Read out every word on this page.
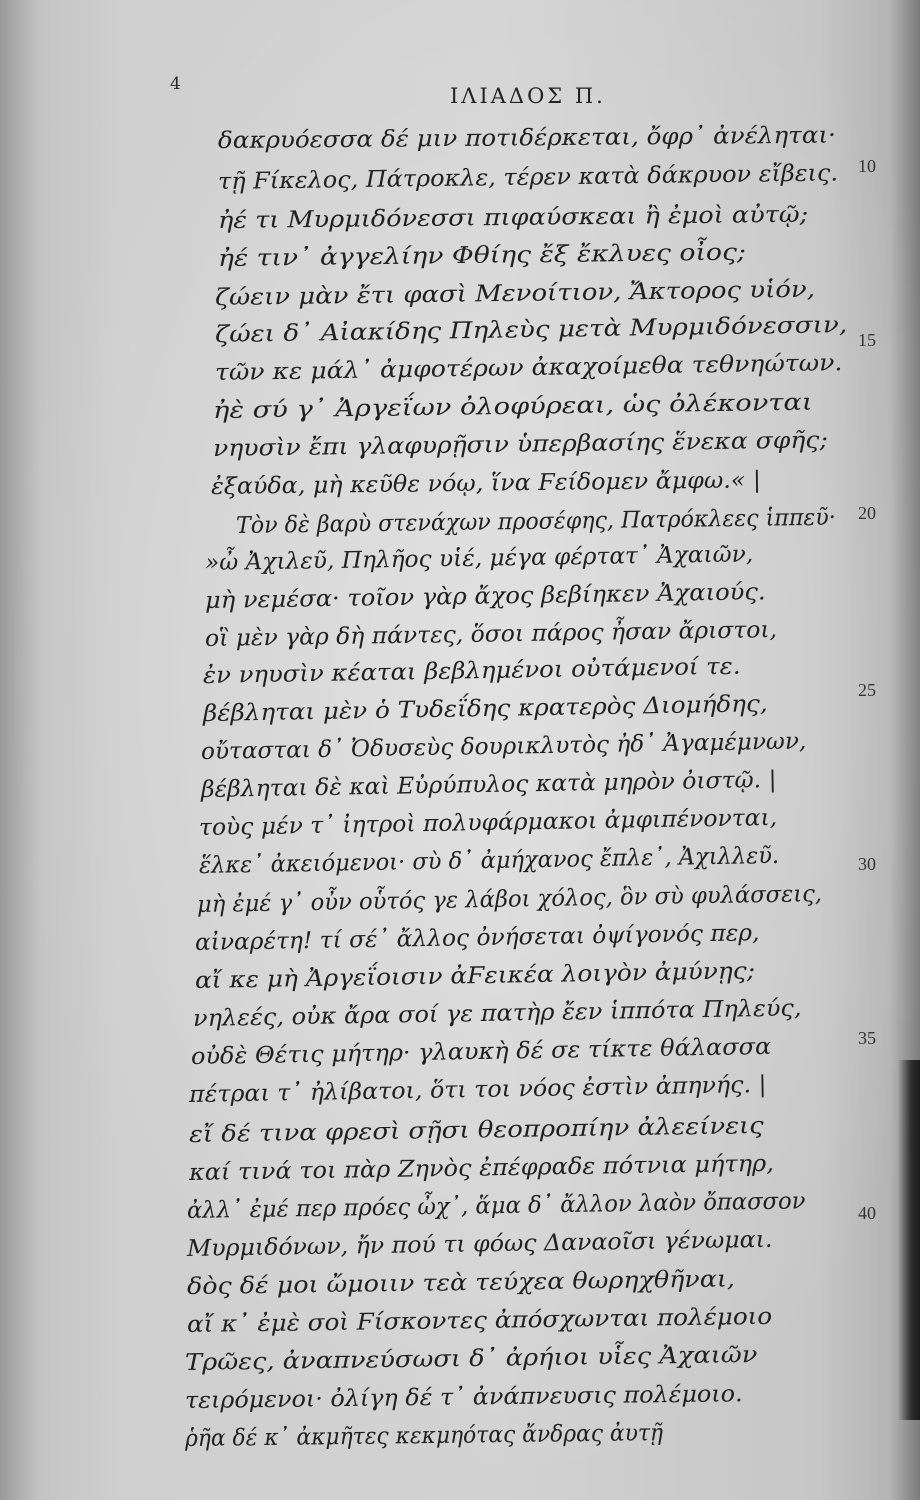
4	ΙΛΙΑΔΟΣ Π.
δακρυόεσσα δέ μιν ποτιδέρκεται, ὄφρ᾽ ἀνέληται·
τῇ Ϝίκελος, Πάτροκλε, τέρεν κατὰ δάκρυον εἴβεις.
ἠέ τι Μυρμιδόνεσσι πιφαύσκεαι ἢ ἐμοὶ αὐτῷ;
ἠέ τιν᾽ ἀγγελίην Φθίης ἔξ ἔκλυες οἶος;
ζώειν μὰν ἔτι φασὶ Μενοίτιον, Ἄκτορος υἱόν,
ζώει δ᾽ Αἰακίδης Πηλεὺς μετὰ Μυρμιδόνεσσιν,
τῶν κε μάλ᾽ ἀμφοτέρων ἀκαχοίμεθα τεθνηώτων.
ἠὲ σύ γ᾽ Ἀργεΐων ὀλοφύρεαι, ὡς ὀλέκονται
νηυσὶν ἔπι γλαφυρῇσιν ὑπερβασίης ἕνεκα σφῆς;
ἐξαύδα, μὴ κεῦθε νόῳ, ἵνα Ϝείδομεν ἄμφω.« |
Τὸν δὲ βαρὺ στενάχων προσέφης, Πατρόκλεες ἱππεῦ·
»ὦ Ἀχιλεῦ, Πηλῆος υἱέ, μέγα φέρτατ᾽ Ἀχαιῶν,
μὴ νεμέσα· τοῖον γὰρ ἄχος βεβίηκεν Ἀχαιούς.
οἳ μὲν γὰρ δὴ πάντες, ὅσοι πάρος ἦσαν ἄριστοι,
ἐν νηυσὶν κέαται βεβλημένοι οὐτάμενοί τε.
βέβληται μὲν ὁ Τυδεΐδης κρατερὸς Διομήδης,
οὔτασται δ᾽ Ὀδυσεὺς δουρικλυτὸς ἠδ᾽ Ἀγαμέμνων,
βέβληται δὲ καὶ Εὐρύπυλος κατὰ μηρὸν ὀιστῷ. |
τοὺς μέν τ᾽ ἰητροὶ πολυφάρμακοι ἀμφιπένονται,
ἕλκε᾽ ἀκειόμενοι· σὺ δ᾽ ἀμήχανος ἔπλε᾽, Ἀχιλλεῦ.
μὴ ἐμέ γ᾽ οὖν οὗτός γε λάβοι χόλος, ὃν σὺ φυλάσσεις,
αἰναρέτη! τί σέ᾽ ἄλλος ὀνήσεται ὀψίγονός περ,
αἴ κε μὴ Ἀργεΐοισιν ἀϜεικέα λοιγὸν ἀμύνῃς;
νηλεές, οὐκ ἄρα σοί γε πατὴρ ἔεν ἱππότα Πηλεύς,
οὐδὲ Θέτις μήτηρ· γλαυκὴ δέ σε τίκτε θάλασσα
πέτραι τ᾽ ἠλίβατοι, ὅτι τοι νόος ἐστὶν ἀπηνής. |
εἴ δέ τινα φρεσὶ σῇσι θεοπροπίην ἀλεείνεις
καί τινά τοι πὰρ Ζηνὸς ἐπέφραδε πότνια μήτηρ,
ἀλλ᾽ ἐμέ περ πρόες ὦχ᾽, ἅμα δ᾽ ἄλλον λαὸν ὄπασσον
Μυρμιδόνων, ἤν πού τι φόως Δαναοῖσι γένωμαι.
δὸς δέ μοι ὤμοιιν τεὰ τεύχεα θωρηχθῆναι,
αἴ κ᾽ ἐμὲ σοὶ Ϝίσκοντες ἀπόσχωνται πολέμοιο
Τρῶες, ἀναπνεύσωσι δ᾽ ἀρήιοι υἷες Ἀχαιῶν
τειρόμενοι· ὀλίγη δέ τ᾽ ἀνάπνευσις πολέμοιο.
ῥῆα δέ κ᾽ ἀκμῆτες κεκμηότας ἄνδρας ἀυτῇ
10
15
20
25
30
35
40
